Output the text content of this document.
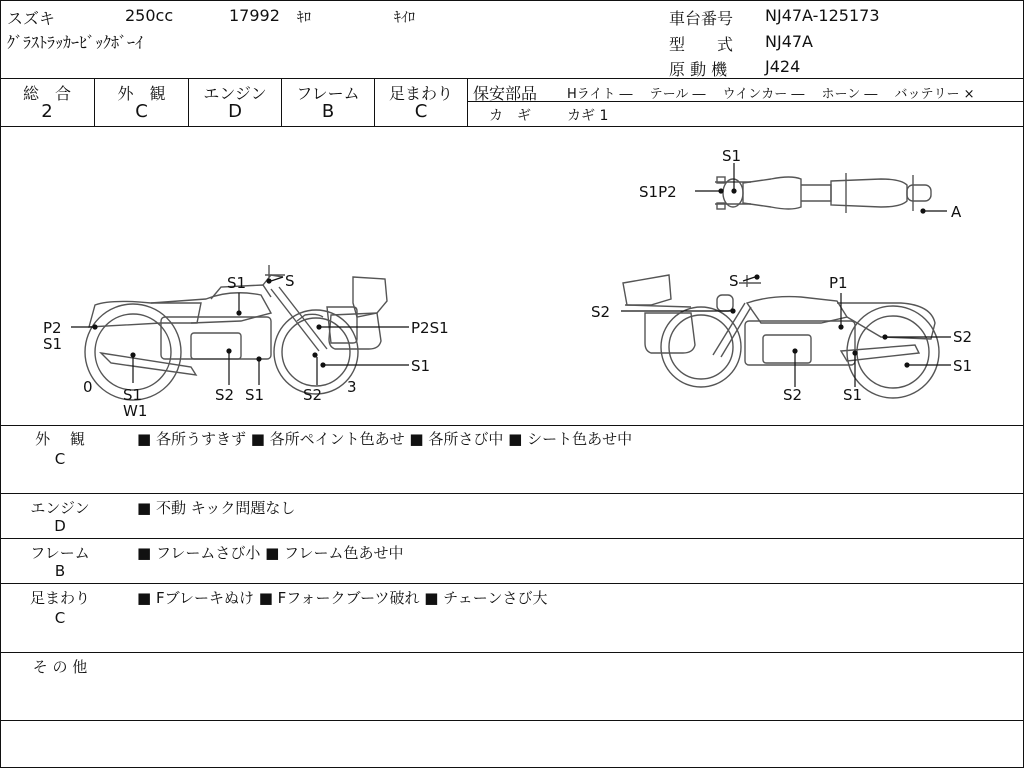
スズキ	250cc	17992 ｷﾛ	ｷｲﾛ
ｸﾞﾗｽﾄﾗｯｶｰﾋﾞｯｸﾎﾞｰｲ
車台番号 NJ47A-125173
型　　式 NJ47A
原 動 機 J424
総　合
2
外　観
C
エンジン
D
フレーム
B
足まわり
C
保安部品 Hライト ―　 テール ―　 ウインカー ―　 ホーン ―　 バッテリー ×
カ　ギ	カギ 1
S1
S1P2
A
S1	S
P2
S1
P2S1
S1
0 S1
W1
S2 S1	S2 3
S	P1
S2
S2
S1
S2	S1
外　 観
C
■ 各所うすきず ■ 各所ペイント色あせ ■ 各所さび中 ■ シート色あせ中
エンジン
D
■ 不動 キック問題なし
フレーム
B
■ フレームさび小 ■ フレーム色あせ中
足まわり
C
■ Fブレーキぬけ ■ Fフォークブーツ破れ ■ チェーンさび大
そ の 他
